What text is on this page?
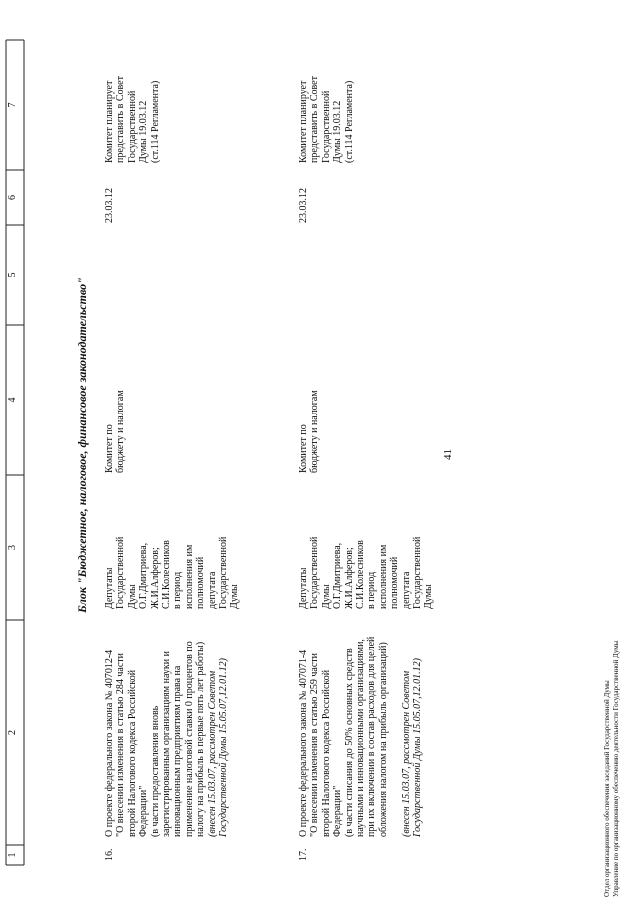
41
1
2
3
4
5
6
7
Блок "Бюджетное, налоговое, финансовое законодательство"
16.
О проекте федерального закона № 407012-4
"О внесении изменения в статью 284 части
второй Налогового кодекса Российской
Федерации"
(в части предоставления вновь
зарегистрированным организациям науки и
инновационным предприятиям права на
применение налоговой ставки 0 процентов по
налогу на прибыль в первые пять лет работы)
(внесен 15.03.07, рассмотрен Советом
Государственной Думы 15.05.07,12.01.12)
Депутаты
Государственной
Думы
О.Г.Дмитриева,
Ж.И.Алферов;
С.И.Колесников
в период
исполнения им
полномочий
депутата
Государственной
Думы
Комитет по
бюджету и налогам
23.03.12
Комитет планирует
представить в Совет
Государственной
Думы 19.03.12
(ст.114 Регламента)
17.
О проекте федерального закона № 407071-4
"О внесении изменения в статью 259 части
второй Налогового кодекса Российской
Федерации"
(в части списания до 50% основных средств
научными и инновационными организациями,
при их включении в состав расходов для целей
обложения налогом на прибыль организаций)
(внесен 15.03.07, рассмотрен Советом
Государственной Думы 15.05.07,12.01.12)
Депутаты
Государственной
Думы
О.Г.Дмитриева,
Ж.И.Алферов;
С.И.Колесников
в период
исполнения им
полномочий
депутата
Государственной
Думы
Комитет по
бюджету и налогам
23.03.12
Комитет планирует
представить в Совет
Государственной
Думы 19.03.12
(ст.114 Регламента)
Отдел организационного обеспечения заседаний Государственной Думы Управление по организационному обеспечению деятельности Государственной Думы
